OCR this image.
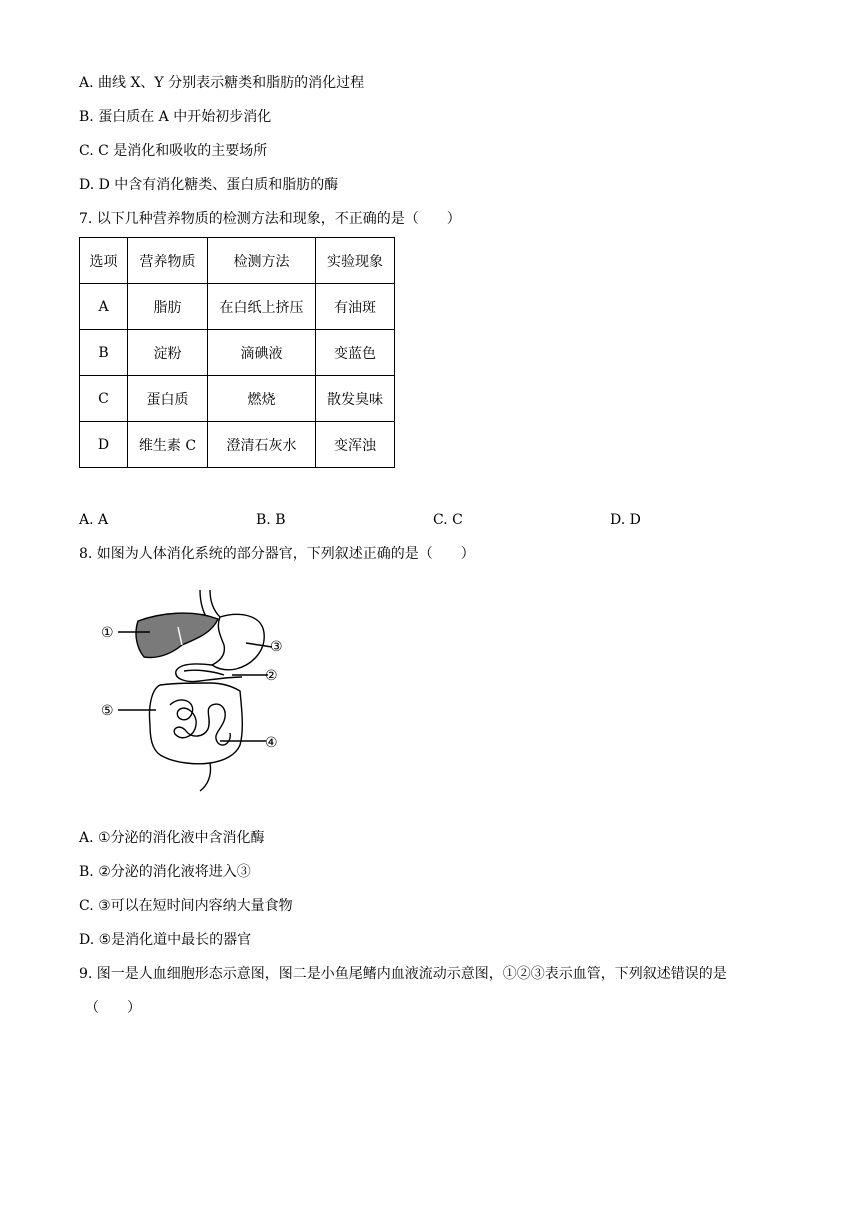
A. 曲线 X、Y 分别表示糖类和脂肪的消化过程
B. 蛋白质在 A 中开始初步消化
C. C 是消化和吸收的主要场所
D. D 中含有消化糖类、蛋白质和脂肪的酶
7. 以下几种营养物质的检测方法和现象，不正确的是（　　）
选项	营养物质	检测方法	实验现象
A	脂肪	在白纸上挤压	有油斑
B	淀粉	滴碘液	变蓝色
C	蛋白质	燃烧	散发臭味
D	维生素 C	澄清石灰水	变浑浊
A. A	B. B	C. C	D. D
8. 如图为人体消化系统的部分器官，下列叙述正确的是（　　）
①
②
③
④
⑤
A. ①分泌的消化液中含消化酶
B. ②分泌的消化液将进入③
C. ③可以在短时间内容纳大量食物
D. ⑤是消化道中最长的器官
9. 图一是人血细胞形态示意图，图二是小鱼尾鳍内血液流动示意图，①②③表示血管，下列叙述错误的是
（　　）
